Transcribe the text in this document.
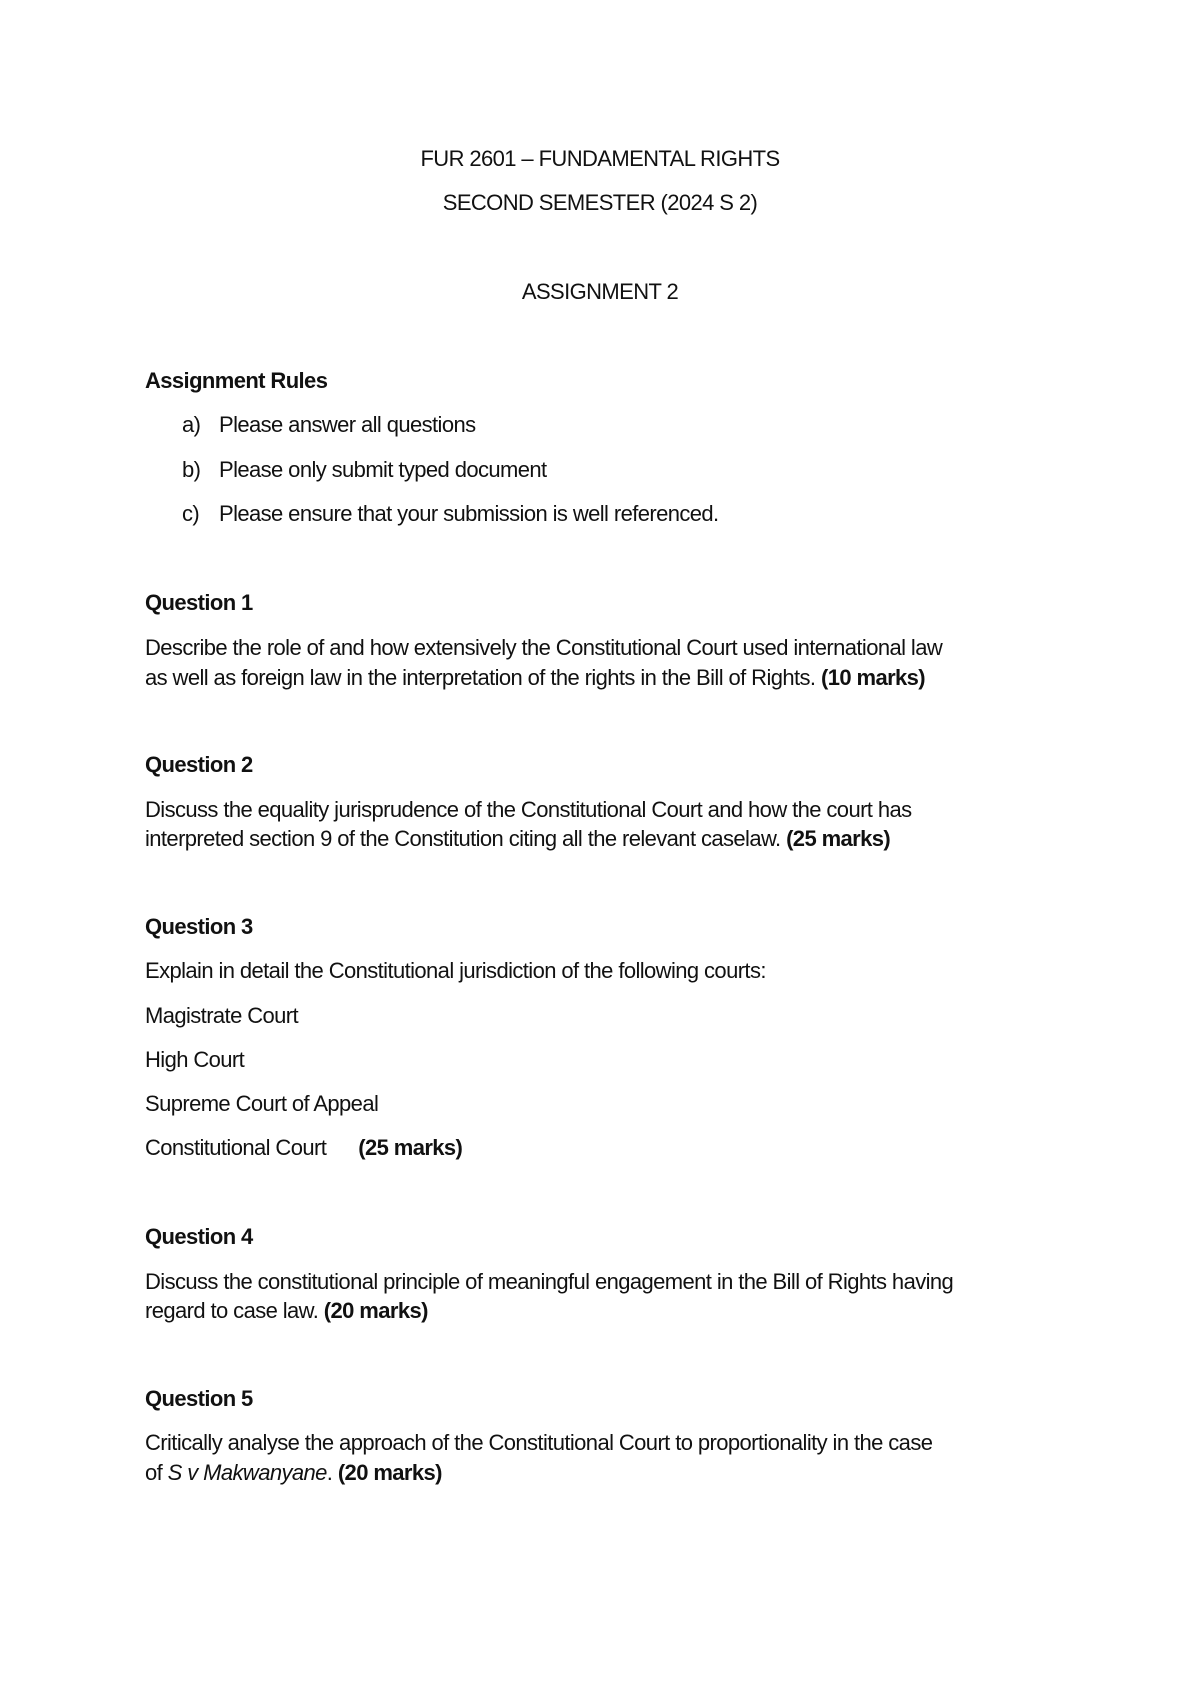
FUR 2601 – FUNDAMENTAL RIGHTS
SECOND SEMESTER (2024 S 2)
ASSIGNMENT 2
Assignment Rules
a) Please answer all questions
b) Please only submit typed document
c) Please ensure that your submission is well referenced.
Question 1
Describe the role of and how extensively the Constitutional Court used international law
as well as foreign law in the interpretation of the rights in the Bill of Rights. (10 marks)
Question 2
Discuss the equality jurisprudence of the Constitutional Court and how the court has
interpreted section 9 of the Constitution citing all the relevant caselaw. (25 marks)
Question 3
Explain in detail the Constitutional jurisdiction of the following courts:
Magistrate Court
High Court
Supreme Court of Appeal
Constitutional Court (25 marks)
Question 4
Discuss the constitutional principle of meaningful engagement in the Bill of Rights having
regard to case law. (20 marks)
Question 5
Critically analyse the approach of the Constitutional Court to proportionality in the case
of S v Makwanyane. (20 marks)
